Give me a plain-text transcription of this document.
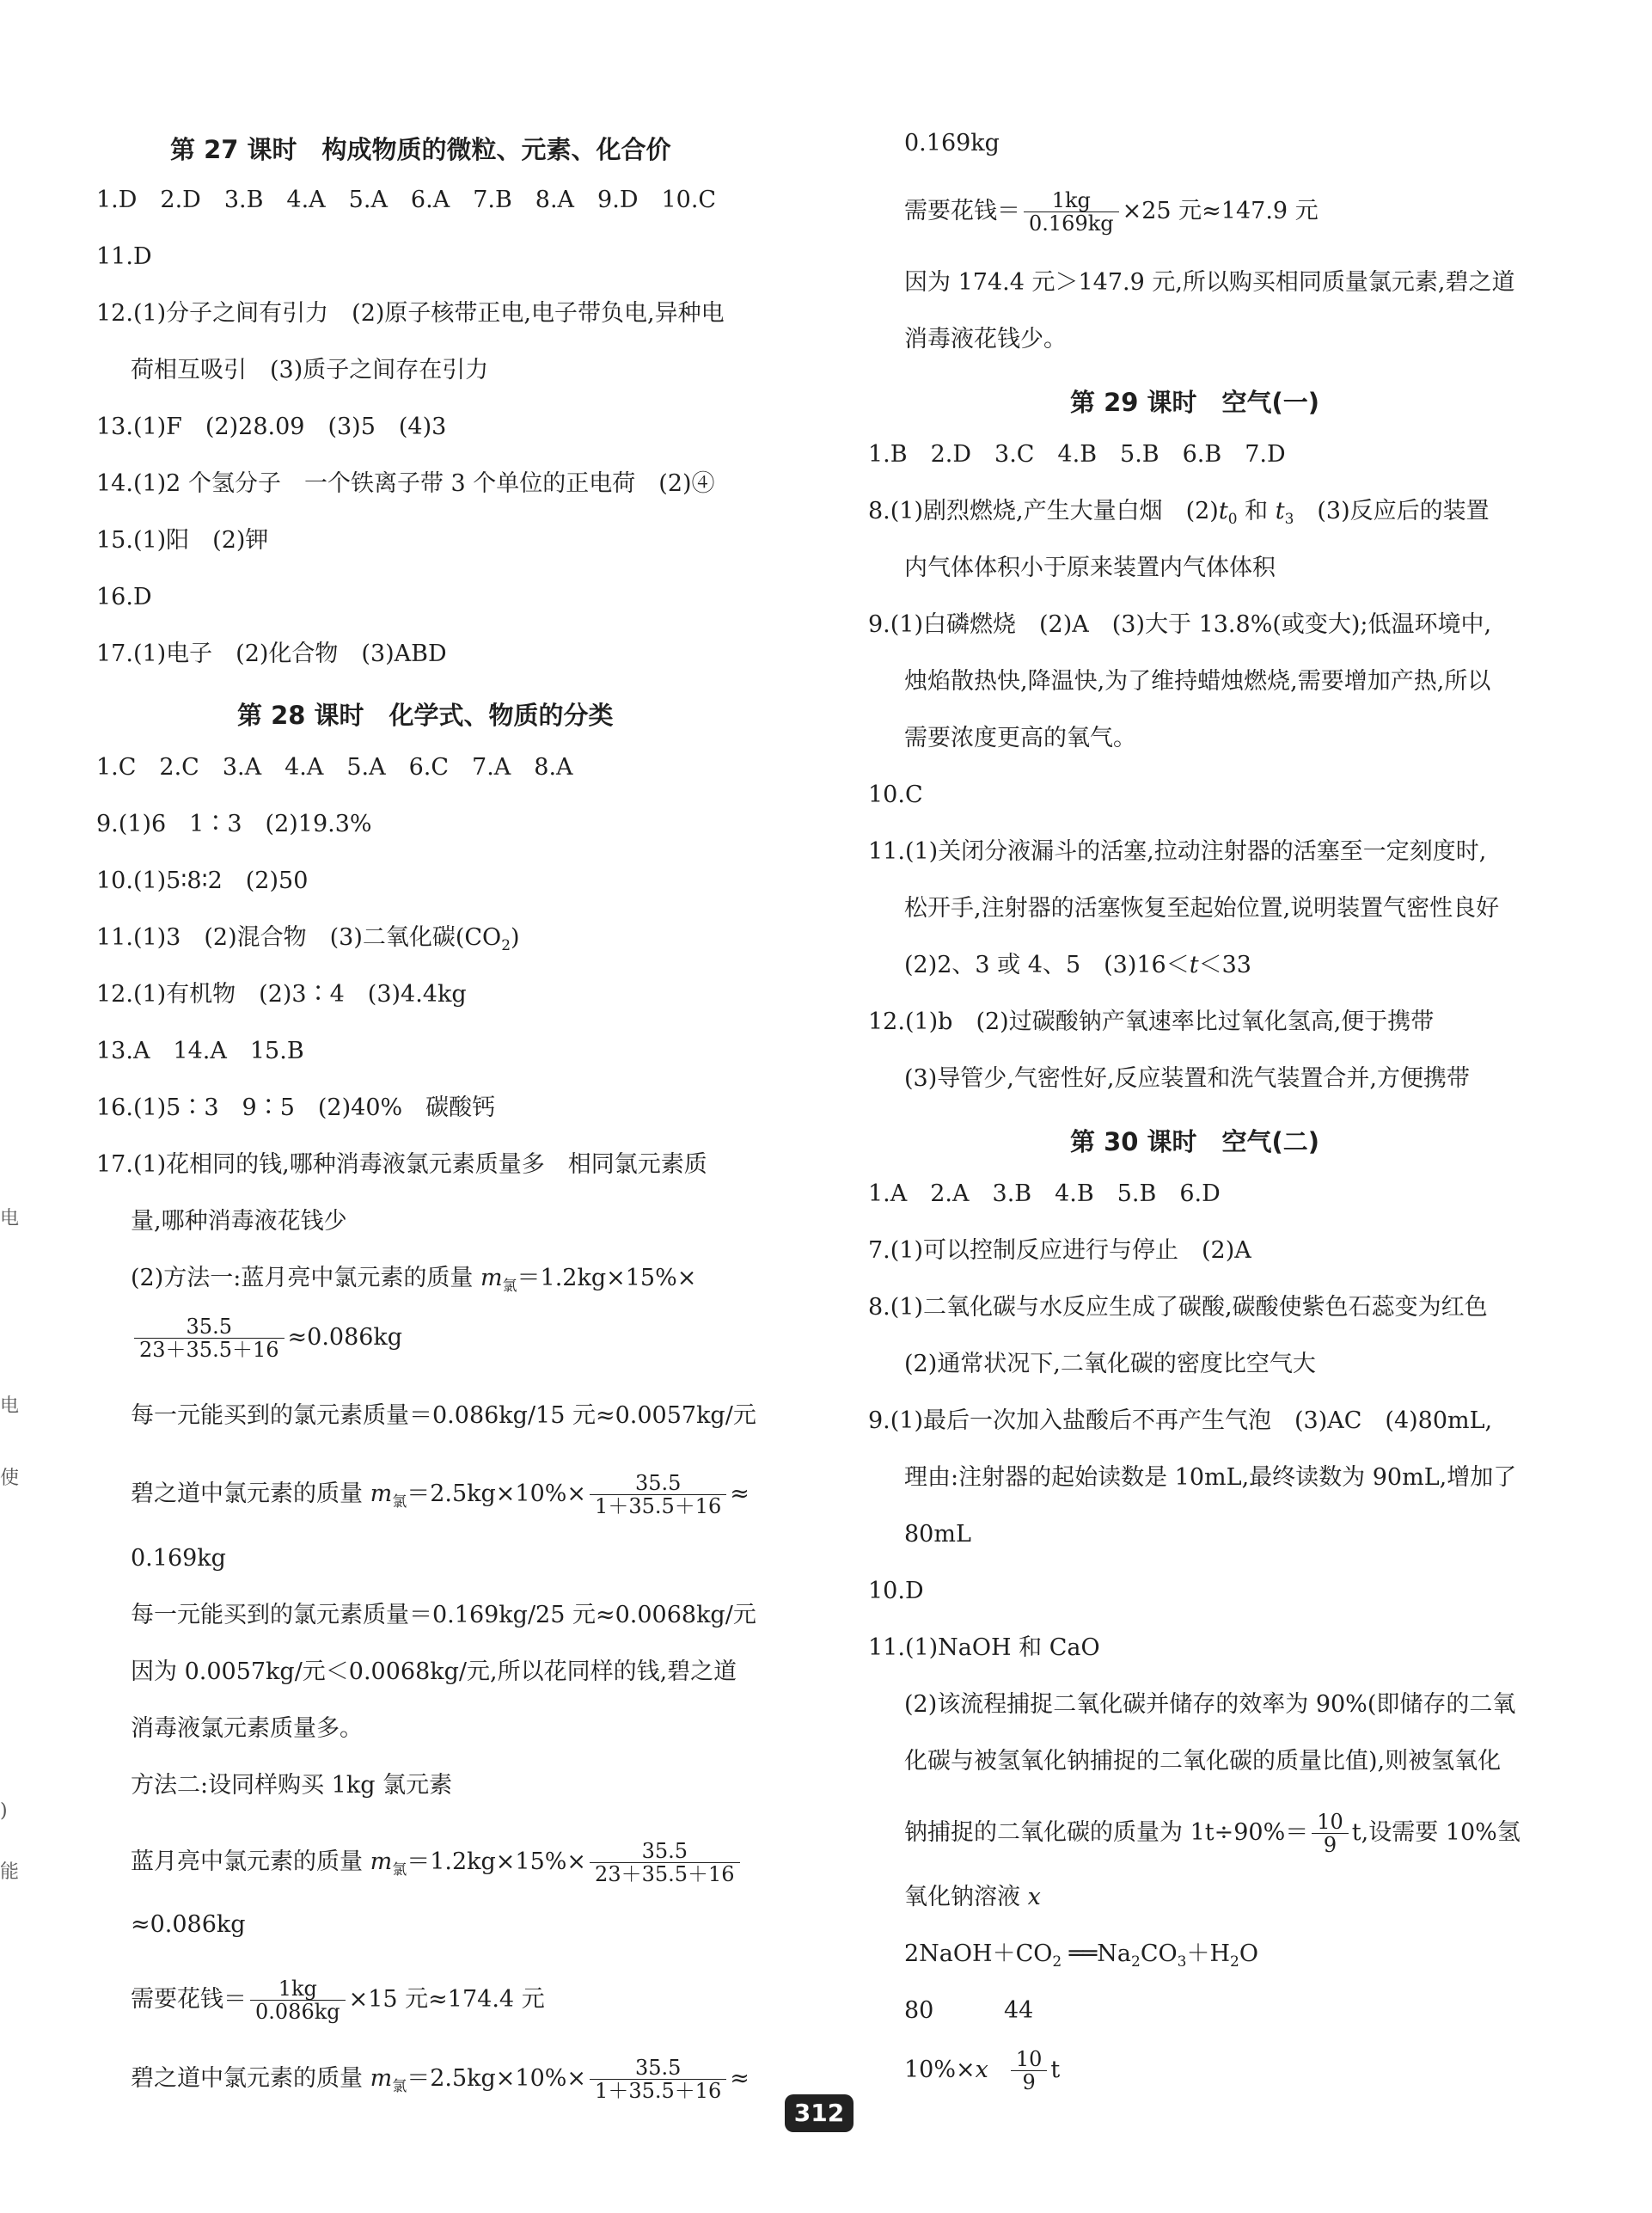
第 27 课时　构成物质的微粒、元素、化合价
1.D　2.D　3.B　4.A　5.A　6.A　7.B　8.A　9.D　10.C
11.D
12.(1)分子之间有引力　(2)原子核带正电,电子带负电,异种电
荷相互吸引　(3)质子之间存在引力
13.(1)F　(2)28.09　(3)5　(4)3
14.(1)2 个氢分子　一个铁离子带 3 个单位的正电荷　(2)④
15.(1)阳　(2)钾
16.D
17.(1)电子　(2)化合物　(3)ABD
第 28 课时　化学式、物质的分类
1.C　2.C　3.A　4.A　5.A　6.C　7.A　8.A
9.(1)6　1∶3　(2)19.3%
10.(1)5∶8∶2　(2)50
11.(1)3　(2)混合物　(3)二氧化碳$(CO_2)$
12.(1)有机物　(2)3∶4　(3)4.4kg
13.A　14.A　15.B
16.(1)5∶3　9∶5　(2)40%　碳酸钙
17.(1)花相同的钱,哪种消毒液氯元素质量多　相同氯元素质
量,哪种消毒液花钱少
(2)方法一:蓝月亮中氯元素的质量 $m_氯=1.2kg\times 15\%\times$
$\frac{35.5}{23+35.5+16} \approx 0.086kg$
每一元能买到的氯元素质量＝0.086kg/15 元≈0.0057kg/元
碧之道中氯元素的质量 $m_氯=2.5kg\times 10\%\times \frac{35.5}{1+35.5+16}$ ≈
0.169kg
每一元能买到的氯元素质量＝0.169kg/25 元≈0.0068kg/元
因为 0.0057kg/元＜0.0068kg/元,所以花同样的钱,碧之道
消毒液氯元素质量多。
方法二:设同样购买 1kg 氯元素
蓝月亮中氯元素的质量 $m_氯=1.2kg\times 15\%\times \frac{35.5}{23+35.5+16}$
≈0.086kg
需要花钱＝ $\frac{1kg}{0.086kg} \times 15$ 元≈174.4 元
碧之道中氯元素的质量 $m_氯=2.5kg\times 10\%\times \frac{35.5}{1+35.5+16}$ ≈
0.169kg
需要花钱＝ $\frac{1kg}{0.169kg} \times 25$ 元≈147.9 元
因为 174.4 元＞147.9 元,所以购买相同质量氯元素,碧之道
消毒液花钱少。
第 29 课时　空气(一)
1.B　2.D　3.C　4.B　5.B　6.B　7.D
8.(1)剧烈燃烧,产生大量白烟　$(2)t_0$ 和 $t_3$　(3)反应后的装置
内气体体积小于原来装置内气体体积
9.(1)白磷燃烧　(2)A　(3)大于 13.8%(或变大);低温环境中,
烛焰散热快,降温快,为了维持蜡烛燃烧,需要增加产热,所以
需要浓度更高的氧气。
10.C
11.(1)关闭分液漏斗的活塞,拉动注射器的活塞至一定刻度时,
松开手,注射器的活塞恢复至起始位置,说明装置气密性良好
(2)2、3 或 4、5　(3)16＜t＜33
12.(1)b　(2)过碳酸钠产氧速率比过氧化氢高,便于携带
(3)导管少,气密性好,反应装置和洗气装置合并,方便携带
第 30 课时　空气(二)
1.A　2.A　3.B　4.B　5.B　6.D
7.(1)可以控制反应进行与停止　(2)A
8.(1)二氧化碳与水反应生成了碳酸,碳酸使紫色石蕊变为红色
(2)通常状况下,二氧化碳的密度比空气大
9.(1)最后一次加入盐酸后不再产生气泡　(3)AC　(4)80mL,
理由:注射器的起始读数是 10mL,最终读数为 90mL,增加了
80mL
10.D
11.(1)NaOH 和 CaO
(2)该流程捕捉二氧化碳并储存的效率为 90%(即储存的二氧
化碳与被氢氧化钠捕捉的二氧化碳的质量比值),则被氢氧化
钠捕捉的二氧化碳的质量为 $1t\div 90\%= \frac{10}{9} t$,设需要 10%氢
氧化钠溶液 x
$2NaOH+CO_2$ $══Na_2CO_3+H_2O$
80	44
$10\%\times x \frac{10}{9}$ t
电
电
使
)
能
312
